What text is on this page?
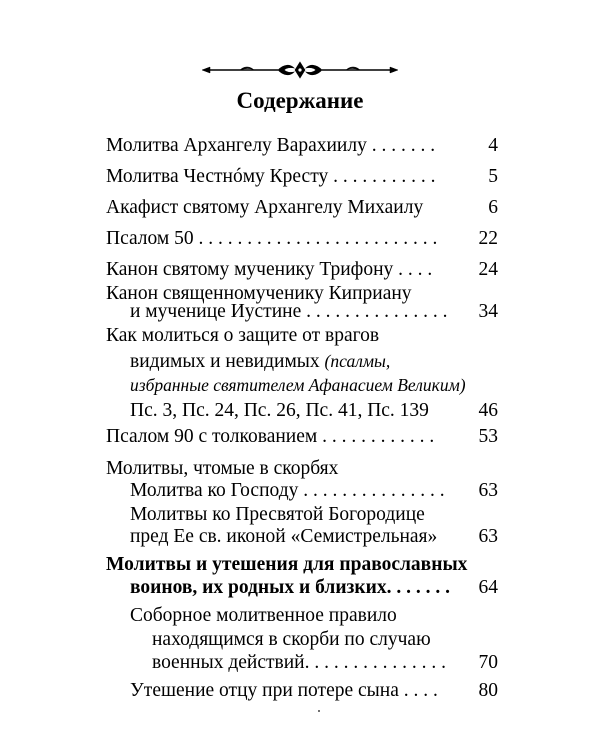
Содержание
Молитва Архангелу Варахиилу . . . . . . .	4
Молитва Честнóму Кресту . . . . . . . . . . .	5
Акафист святому Архангелу Михаилу	6
Псалом 50 . . . . . . . . . . . . . . . . . . . . . . . . .	22
Канон святому мученику Трифону . . . .	24
Канон священномученику Киприану
и мученице Иустине . . . . . . . . . . . . . . .	34
Как молиться о защите от врагов
видимых и невидимых (псалмы,
избранные святителем Афанасием Великим)
Пс. 3, Пс. 24, Пс. 26, Пс. 41, Пс. 139	46
Псалом 90 с толкованием . . . . . . . . . . . .	53
Молитвы, чтомые в скорбях
Молитва ко Господу . . . . . . . . . . . . . . .	63
Молитвы ко Пресвятой Богородице
пред Ее св. иконой «Семистрельная»	63
Молитвы и утешения для православных
воинов, их родных и близких. . . . . . .	64
Соборное молитвенное правило
находящимся в скорби по случаю
военных действий. . . . . . . . . . . . . . .	70
Утешение отцу при потере сына . . . .	80
